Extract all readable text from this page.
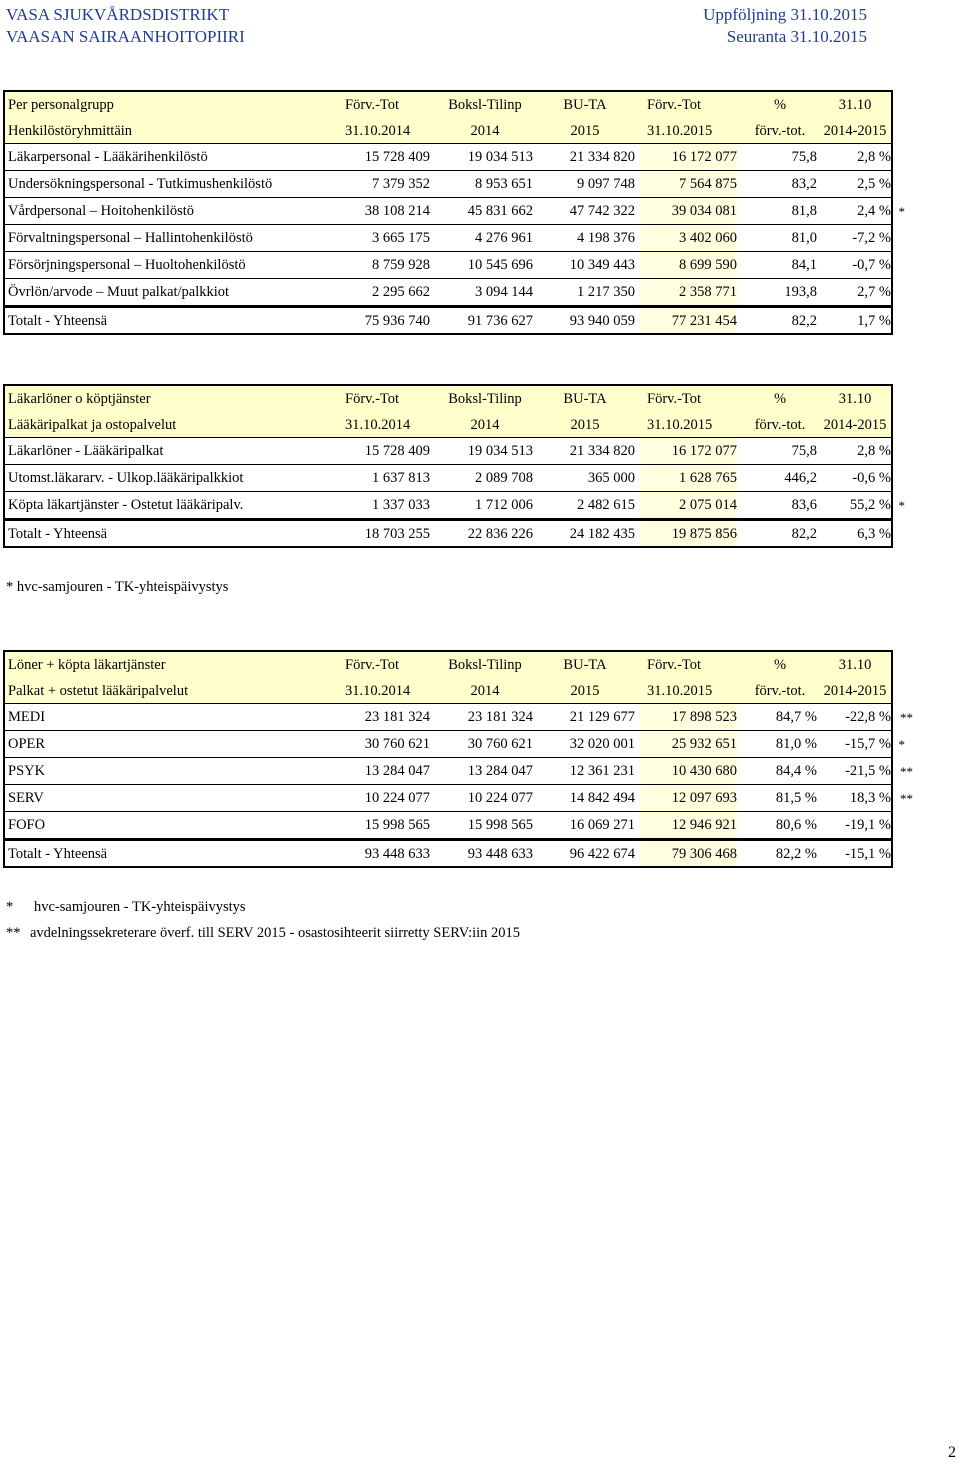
VASA SJUKVÅRDSDISTRIKT
VAASAN SAIRAANHOITOPIIRI
Uppföljning 31.10.2015
Seuranta 31.10.2015
Per personalgrupp	Förv.-Tot	Boksl-Tilinp	BU-TA	Förv.-Tot	%	31.10
Henkilöstöryhmittäin	31.10.2014	2014	2015	31.10.2015	förv.-tot.	2014-2015
Läkarpersonal - Lääkärihenkilöstö	15 728 409	19 034 513	21 334 820	16 172 077	75,8	2,8 %
Undersökningspersonal - Tutkimushenkilöstö	7 379 352	8 953 651	9 097 748	7 564 875	83,2	2,5 %
Vårdpersonal – Hoitohenkilöstö	38 108 214	45 831 662	47 742 322	39 034 081	81,8	2,4 % *
Förvaltningspersonal – Hallintohenkilöstö	3 665 175	4 276 961	4 198 376	3 402 060	81,0	-7,2 %
Försörjningspersonal – Huoltohenkilöstö	8 759 928	10 545 696	10 349 443	8 699 590	84,1	-0,7 %
Övrlön/arvode – Muut palkat/palkkiot	2 295 662	3 094 144	1 217 350	2 358 771	193,8	2,7 %
Totalt - Yhteensä	75 936 740	91 736 627	93 940 059	77 231 454	82,2	1,7 %
Läkarlöner o köptjänster	Förv.-Tot	Boksl-Tilinp	BU-TA	Förv.-Tot	%	31.10
Lääkäripalkat ja ostopalvelut	31.10.2014	2014	2015	31.10.2015	förv.-tot.	2014-2015
Läkarlöner - Lääkäripalkat	15 728 409	19 034 513	21 334 820	16 172 077	75,8	2,8 %
Utomst.läkararv. - Ulkop.lääkäripalkkiot	1 637 813	2 089 708	365 000	1 628 765	446,2	-0,6 %
Köpta läkartjänster - Ostetut lääkäripalv.	1 337 033	1 712 006	2 482 615	2 075 014	83,6	55,2 % *
Totalt - Yhteensä	18 703 255	22 836 226	24 182 435	19 875 856	82,2	6,3 %
* hvc-samjouren - TK-yhteispäivystys
Löner + köpta läkartjänster	Förv.-Tot	Boksl-Tilinp	BU-TA	Förv.-Tot	%	31.10
Palkat + ostetut lääkäripalvelut	31.10.2014	2014	2015	31.10.2015	förv.-tot.	2014-2015
MEDI	23 181 324	23 181 324	21 129 677	17 898 523	84,7 %	-22,8 % **
OPER	30 760 621	30 760 621	32 020 001	25 932 651	81,0 %	-15,7 % *
PSYK	13 284 047	13 284 047	12 361 231	10 430 680	84,4 %	-21,5 % **
SERV	10 224 077	10 224 077	14 842 494	12 097 693	81,5 %	18,3 % **
FOFO	15 998 565	15 998 565	16 069 271	12 946 921	80,6 %	-19,1 %
Totalt - Yhteensä	93 448 633	93 448 633	96 422 674	79 306 468	82,2 %	-15,1 %
* hvc-samjouren - TK-yhteispäivystys
** avdelningssekreterare överf. till SERV 2015 - osastosihteerit siirretty SERV:iin 2015
2
